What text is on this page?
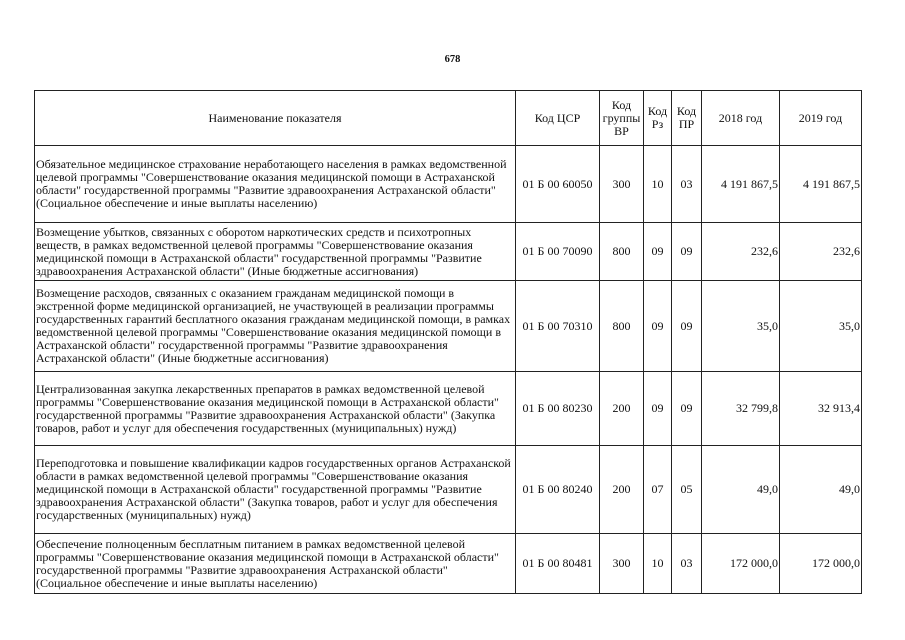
678
Наименование показателя	Код ЦСР	Код группы ВР	Код Рз	Код ПР	2018 год	2019 год
Обязательное медицинское страхование неработающего населения в рамках ведомственной целевой программы "Совершенствование оказания медицинской помощи в Астраханской области" государственной программы "Развитие здравоохранения Астраханской области" (Социальное обеспечение и иные выплаты населению)	01 Б 00 60050	300	10	03	4 191 867,5	4 191 867,5
Возмещение убытков, связанных с оборотом наркотических средств и психотропных веществ, в рамках ведомственной целевой программы "Совершенствование оказания медицинской помощи в Астраханской области" государственной программы "Развитие здравоохранения Астраханской области" (Иные бюджетные ассигнования)	01 Б 00 70090	800	09	09	232,6	232,6
Возмещение расходов, связанных с оказанием гражданам медицинской помощи в экстренной форме медицинской организацией, не участвующей в реализации программы государственных гарантий бесплатного оказания гражданам медицинской помощи, в рамках ведомственной целевой программы "Совершенствование оказания медицинской помощи в Астраханской области" государственной программы "Развитие здравоохранения Астраханской области" (Иные бюджетные ассигнования)	01 Б 00 70310	800	09	09	35,0	35,0
Централизованная закупка лекарственных препаратов в рамках ведомственной целевой программы "Совершенствование оказания медицинской помощи в Астраханской области" государственной программы "Развитие здравоохранения Астраханской области" (Закупка товаров, работ и услуг для обеспечения государственных (муниципальных) нужд)	01 Б 00 80230	200	09	09	32 799,8	32 913,4
Переподготовка и повышение квалификации кадров государственных органов Астраханской области в рамках ведомственной целевой программы "Совершенствование оказания медицинской помощи в Астраханской области" государственной программы "Развитие здравоохранения Астраханской области" (Закупка товаров, работ и услуг для обеспечения государственных (муниципальных) нужд)	01 Б 00 80240	200	07	05	49,0	49,0
Обеспечение полноценным бесплатным питанием в рамках ведомственной целевой программы "Совершенствование оказания медицинской помощи в Астраханской области" государственной программы "Развитие здравоохранения Астраханской области" (Социальное обеспечение и иные выплаты населению)	01 Б 00 80481	300	10	03	172 000,0	172 000,0
